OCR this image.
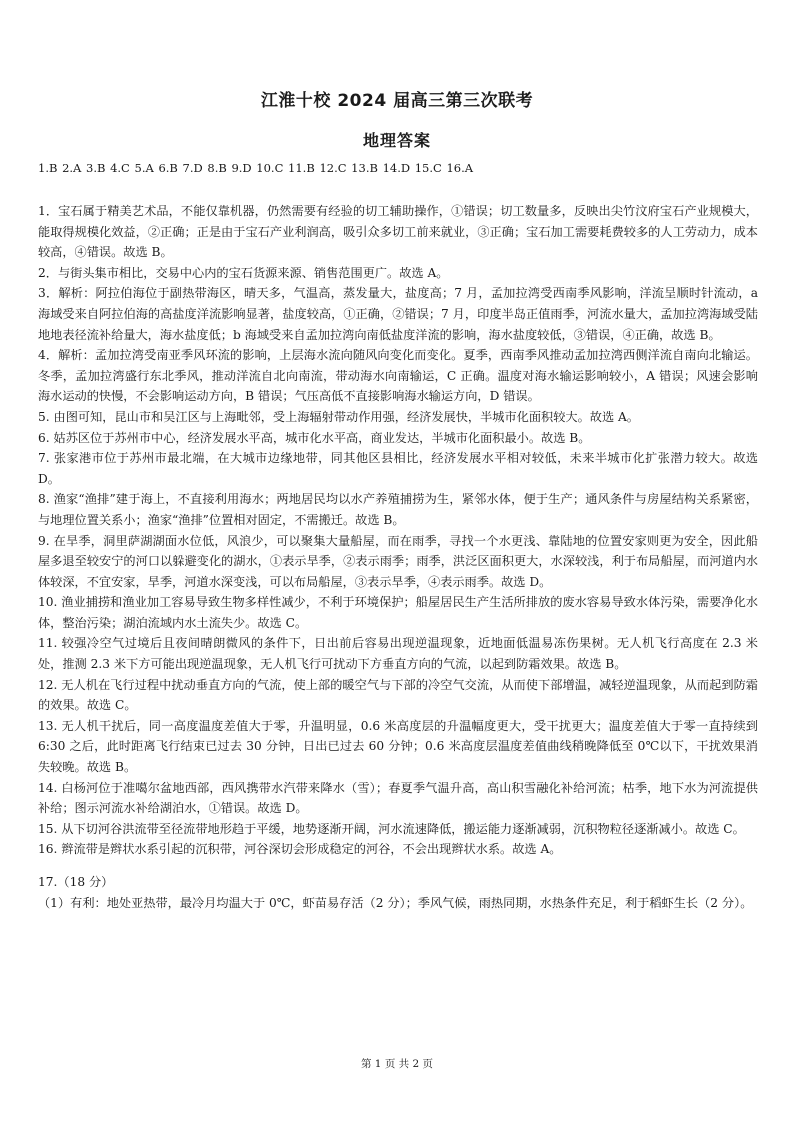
江淮十校 2024 届高三第三次联考
地理答案
1.B 2.A 3.B 4.C 5.A 6.B 7.D 8.B 9.D 10.C 11.B 12.C 13.B 14.D 15.C 16.A

1．宝石属于精美艺术品，不能仅靠机器，仍然需要有经验的切工辅助操作，①错误；切工数量多，反映出尖竹汶府宝石产业规模大，能取得规模化效益，②正确；正是由于宝石产业利润高，吸引众多切工前来就业，③正确；宝石加工需要耗费较多的人工劳动力，成本较高，④错误。故选 B。

2．与街头集市相比，交易中心内的宝石货源来源、销售范围更广。故选 A。

3．解析：阿拉伯海位于副热带海区，晴天多，气温高，蒸发量大，盐度高；7 月，孟加拉湾受西南季风影响，洋流呈顺时针流动，a 海域受来自阿拉伯海的高盐度洋流影响显著，盐度较高，①正确，②错误；7 月，印度半岛正值雨季，河流水量大，孟加拉湾海域受陆地地表径流补给量大，海水盐度低；b 海域受来自孟加拉湾向南低盐度洋流的影响，海水盐度较低，③错误，④正确，故选 B。

4．解析：孟加拉湾受南亚季风环流的影响，上层海水流向随风向变化而变化。夏季，西南季风推动孟加拉湾西侧洋流自南向北输运。冬季，孟加拉湾盛行东北季风，推动洋流自北向南流，带动海水向南输运，C 正确。温度对海水输运影响较小，A 错误；风速会影响海水运动的快慢，不会影响运动方向，B 错误；气压高低不直接影响海水输运方向，D 错误。

5. 由图可知，昆山市和吴江区与上海毗邻，受上海辐射带动作用强，经济发展快，半城市化面积较大。故选 A。

6. 姑苏区位于苏州市中心，经济发展水平高，城市化水平高，商业发达，半城市化面积最小。故选 B。

7. 张家港市位于苏州市最北端，在大城市边缘地带，同其他区县相比，经济发展水平相对较低，未来半城市化扩张潜力较大。故选 D。

8. 渔家“渔排”建于海上，不直接利用海水；两地居民均以水产养殖捕捞为生，紧邻水体，便于生产；通风条件与房屋结构关系紧密，与地理位置关系小；渔家“渔排”位置相对固定，不需搬迁。故选 B。

9. 在旱季，洞里萨湖湖面水位低，风浪少，可以聚集大量船屋，而在雨季，寻找一个水更浅、靠陆地的位置安家则更为安全，因此船屋多退至较安宁的河口以躲避变化的湖水，①表示旱季，②表示雨季；雨季，洪泛区面积更大，水深较浅，利于布局船屋，而河道内水体较深，不宜安家，旱季，河道水深变浅，可以布局船屋，③表示旱季，④表示雨季。故选 D。

10. 渔业捕捞和渔业加工容易导致生物多样性减少，不利于环境保护；船屋居民生产生活所排放的废水容易导致水体污染，需要净化水体，整治污染；湖泊流域内水土流失少。故选 C。

11. 较强冷空气过境后且夜间晴朗微风的条件下，日出前后容易出现逆温现象，近地面低温易冻伤果树。无人机飞行高度在 2.3 米处，推测 2.3 米下方可能出现逆温现象，无人机飞行可扰动下方垂直方向的气流，以起到防霜效果。故选 B。

12. 无人机在飞行过程中扰动垂直方向的气流，使上部的暖空气与下部的冷空气交流，从而使下部增温，减轻逆温现象，从而起到防霜的效果。故选 C。

13. 无人机干扰后，同一高度温度差值大于零，升温明显，0.6 米高度层的升温幅度更大，受干扰更大；温度差值大于零一直持续到 6:30 之后，此时距离飞行结束已过去 30 分钟，日出已过去 60 分钟；0.6 米高度层温度差值曲线稍晚降低至 0℃以下，干扰效果消失较晚。故选 B。

14. 白杨河位于准噶尔盆地西部，西风携带水汽带来降水（雪）；春夏季气温升高，高山积雪融化补给河流；枯季，地下水为河流提供补给；图示河流水补给湖泊水，①错误。故选 D。

15. 从下切河谷洪流带至径流带地形趋于平缓，地势逐渐开阔，河水流速降低，搬运能力逐渐减弱，沉积物粒径逐渐减小。故选 C。

16. 辫流带是辫状水系引起的沉积带，河谷深切会形成稳定的河谷，不会出现辫状水系。故选 A。

17.（18 分）

（1）有利：地处亚热带，最冷月均温大于 0℃，虾苗易存活（2 分）；季风气候，雨热同期，水热条件充足，利于稻虾生长（2 分）。

第 1 页 共 2 页
